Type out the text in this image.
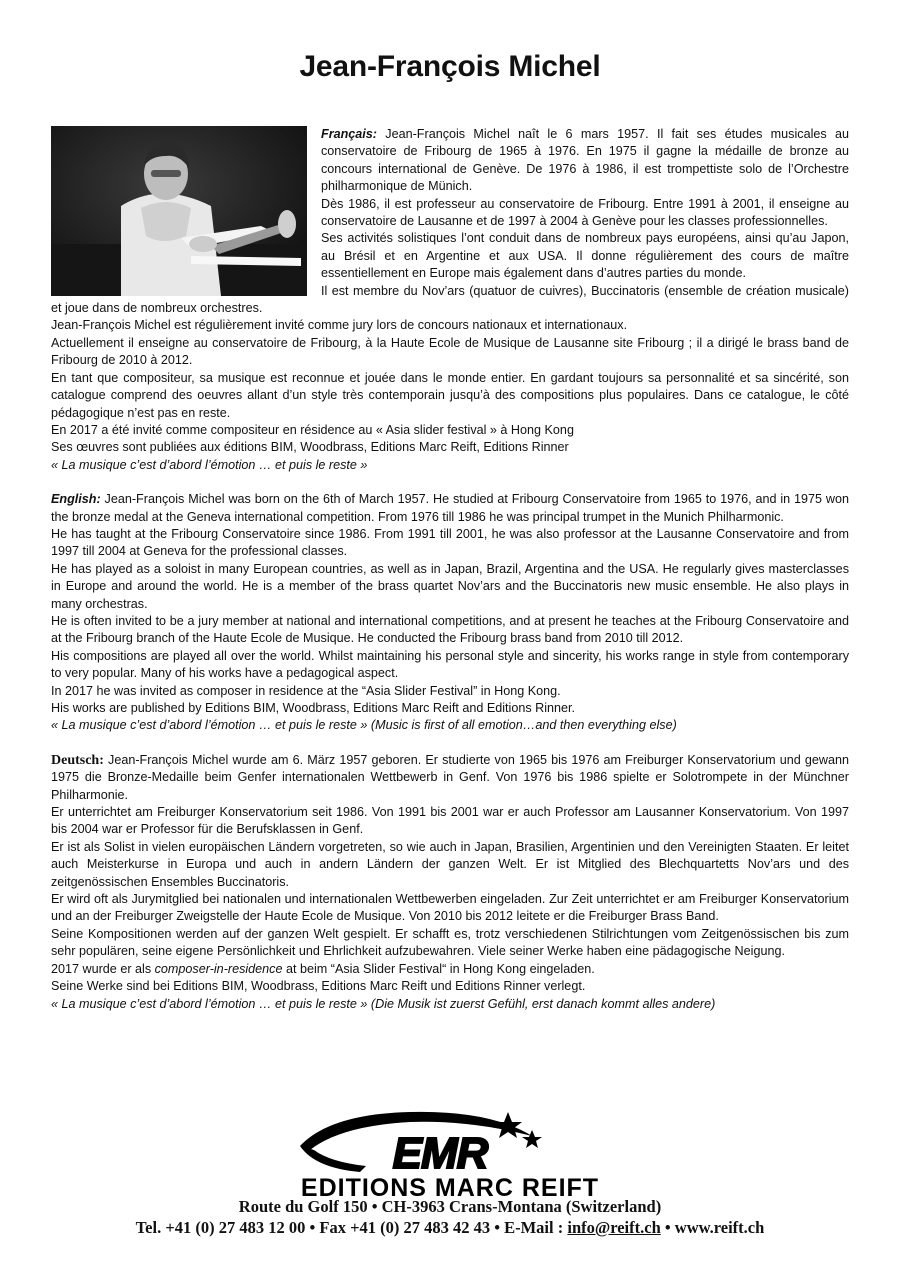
Jean-François Michel

Français: Jean-François Michel naît le 6 mars 1957. Il fait ses études musicales au conservatoire de Fribourg de 1965 à 1976. En 1975 il gagne la médaille de bronze au concours international de Genève. De 1976 à 1986, il est trompettiste solo de l’Orchestre philharmonique de Münich.

Dès 1986, il est professeur au conservatoire de Fribourg. Entre 1991 à 2001, il enseigne au conservatoire de Lausanne et de 1997 à 2004 à Genève pour les classes professionnelles.

Ses activités solistiques l’ont conduit dans de nombreux pays européens, ainsi qu’au Japon, au Brésil et en Argentine et aux USA. Il donne régulièrement des cours de maître essentiellement en Europe mais également dans d’autres parties du monde.

Il est membre du Nov’ars (quatuor de cuivres), Buccinatoris (ensemble de création musicale) et joue dans de nombreux orchestres.

Jean-François Michel est régulièrement invité comme jury lors de concours nationaux et internationaux.

Actuellement il enseigne au conservatoire de Fribourg, à la Haute Ecole de Musique de Lausanne site Fribourg ; il a dirigé le brass band de Fribourg de 2010 à 2012.

En tant que compositeur, sa musique est reconnue et jouée dans le monde entier. En gardant toujours sa personnalité et sa sincérité, son catalogue comprend des oeuvres allant d’un style très contemporain jusqu’à des compositions plus populaires. Dans ce catalogue, le côté pédagogique n’est pas en reste.

En 2017 a été invité comme compositeur en résidence au « Asia slider festival » à Hong Kong

Ses œuvres sont publiées aux éditions BIM, Woodbrass, Editions Marc Reift, Editions Rinner

« La musique c’est d’abord l’émotion … et puis le reste »

English: Jean-François Michel was born on the 6th of March 1957. He studied at Fribourg Conservatoire from 1965 to 1976, and in 1975 won the bronze medal at the Geneva international competition. From 1976 till 1986 he was principal trumpet in the Munich Philharmonic.

He has taught at the Fribourg Conservatoire since 1986. From 1991 till 2001, he was also professor at the Lausanne Conservatoire and from 1997 till 2004 at Geneva for the professional classes.

He has played as a soloist in many European countries, as well as in Japan, Brazil, Argentina and the USA. He regularly gives masterclasses in Europe and around the world. He is a member of the brass quartet Nov’ars and the Buccinatoris new music ensemble. He also plays in many orchestras.

He is often invited to be a jury member at national and international competitions, and at present he teaches at the Fribourg Conservatoire and at the Fribourg branch of the Haute Ecole de Musique. He conducted the Fribourg brass band from 2010 till 2012.

His compositions are played all over the world. Whilst maintaining his personal style and sincerity, his works range in style from contemporary to very popular. Many of his works have a pedagogical aspect.

In 2017 he was invited as composer in residence at the “Asia Slider Festival” in Hong Kong.

His works are published by Editions BIM, Woodbrass, Editions Marc Reift and Editions Rinner.

« La musique c’est d’abord l’émotion … et puis le reste » (Music is first of all emotion…and then everything else)

Deutsch: Jean-François Michel wurde am 6. März 1957 geboren. Er studierte von 1965 bis 1976 am Freiburger Konservatorium und gewann 1975 die Bronze-Medaille beim Genfer internationalen Wettbewerb in Genf. Von 1976 bis 1986 spielte er Solotrompete in der Münchner Philharmonie.

Er unterrichtet am Freiburger Konservatorium seit 1986. Von 1991 bis 2001 war er auch Professor am Lausanner Konservatorium. Von 1997 bis 2004 war er Professor für die Berufsklassen in Genf.

Er ist als Solist in vielen europäischen Ländern vorgetreten, so wie auch in Japan, Brasilien, Argentinien und den Vereinigten Staaten. Er leitet auch Meisterkurse in Europa und auch in andern Ländern der ganzen Welt. Er ist Mitglied des Blechquartetts Nov’ars und des zeitgenössischen Ensembles Buccinatoris.

Er wird oft als Jurymitglied bei nationalen und internationalen Wettbewerben eingeladen. Zur Zeit unterrichtet er am Freiburger Konservatorium und an der Freiburger Zweigstelle der Haute Ecole de Musique. Von 2010 bis 2012 leitete er die Freiburger Brass Band.

Seine Kompositionen werden auf der ganzen Welt gespielt. Er schafft es, trotz verschiedenen Stilrichtungen vom Zeitgenössischen bis zum sehr populären, seine eigene Persönlichkeit und Ehrlichkeit aufzubewahren. Viele seiner Werke haben eine pädagogische Neigung.

2017 wurde er als composer-in-residence at beim “Asia Slider Festival“ in Hong Kong eingeladen.

Seine Werke sind bei Editions BIM, Woodbrass, Editions Marc Reift und Editions Rinner verlegt.

« La musique c’est d’abord l’émotion … et puis le reste » (Die Musik ist zuerst Gefühl, erst danach kommt alles andere)

EMR
EDITIONS MARC REIFT
Route du Golf 150 • CH-3963 Crans-Montana (Switzerland)
Tel. +41 (0) 27 483 12 00 • Fax +41 (0) 27 483 42 43 • E-Mail : info@reift.ch • www.reift.ch
